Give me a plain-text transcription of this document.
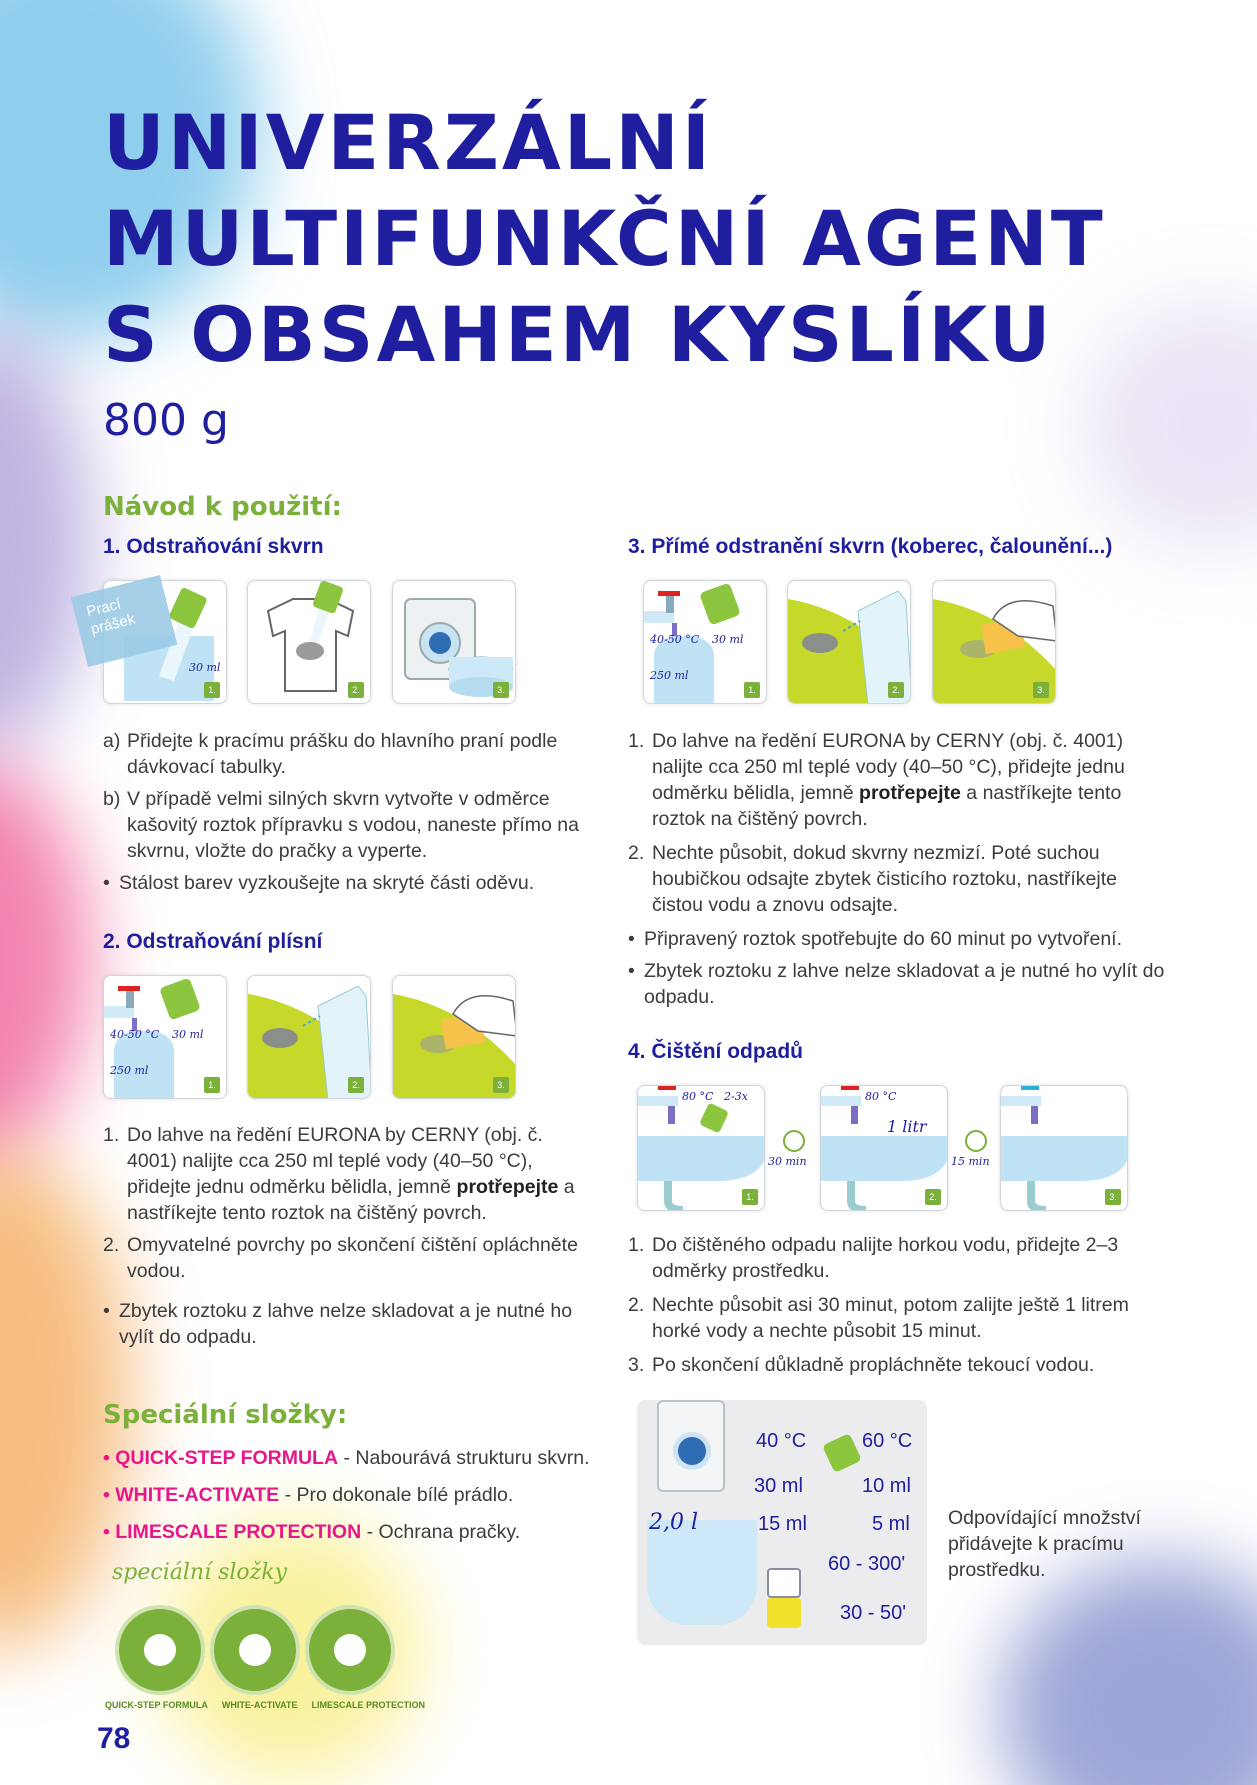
UNIVERZÁLNÍ
MULTIFUNKČNÍ AGENT
S OBSAHEM KYSLÍKU
800 g
Návod k použití:
1. Odstraňování skvrn
30 ml
1.
Prací prášek
2.	3.
a) Přidejte k pracímu prášku do hlavního praní podle dávkovací tabulky.
b) V případě velmi silných skvrn vytvořte v odměrce kašovitý roztok přípravku s vodou, naneste přímo na skvrnu, vložte do pračky a vyperte.
• Stálost barev vyzkoušejte na skryté části oděvu.
2. Odstraňování plísní
40-50 °C 30 ml
250 ml
1.	2.	3.
1. Do lahve na ředění EURONA by CERNY (obj. č. 4001) nalijte cca 250 ml teplé vody (40–50 °C), přidejte jednu odměrku bělidla, jemně protřepejte a nastříkejte tento roztok na čištěný povrch.
2. Omyvatelné povrchy po skončení čištění opláchněte vodou.
• Zbytek roztoku z lahve nelze skladovat a je nutné ho vylít do odpadu.
Speciální složky:
• QUICK-STEP FORMULA - Nabourává strukturu skvrn.
• WHITE-ACTIVATE - Pro dokonale bílé prádlo.
• LIMESCALE PROTECTION - Ochrana pračky.
speciální složky
QUICK-STEP FORMULA WHITE-ACTIVATE LIMESCALE PROTECTION
78
3. Přímé odstranění skvrn (koberec, čalounění...)
40-50 °C 30 ml
250 ml
1.	2.	3.
1. Do lahve na ředění EURONA by CERNY (obj. č. 4001) nalijte cca 250 ml teplé vody (40–50 °C), přidejte jednu odměrku bělidla, jemně protřepejte a nastříkejte tento roztok na čištěný povrch.
2. Nechte působit, dokud skvrny nezmizí. Poté suchou houbičkou odsajte zbytek čisticího roztoku, nastříkejte čistou vodu a znovu odsajte.
• Připravený roztok spotřebujte do 60 minut po vytvoření.
• Zbytek roztoku z lahve nelze skladovat a je nutné ho vylít do odpadu.
4. Čištění odpadů
80 °C 2-3x
1.
30 min
80 °C
1 litr
2.
15 min
3.
1. Do čištěného odpadu nalijte horkou vodu, přidejte 2–3 odměrky prostředku.
2. Nechte působit asi 30 minut, potom zalijte ještě 1 litrem horké vody a nechte působit 15 minut.
3. Po skončení důkladně propláchněte tekoucí vodou.
2,0 l
40 °C	60 °C
30 ml	10 ml
15 ml	5 ml
60 - 300'
30 - 50'
Odpovídající množství přidávejte k pracímu prostředku.
